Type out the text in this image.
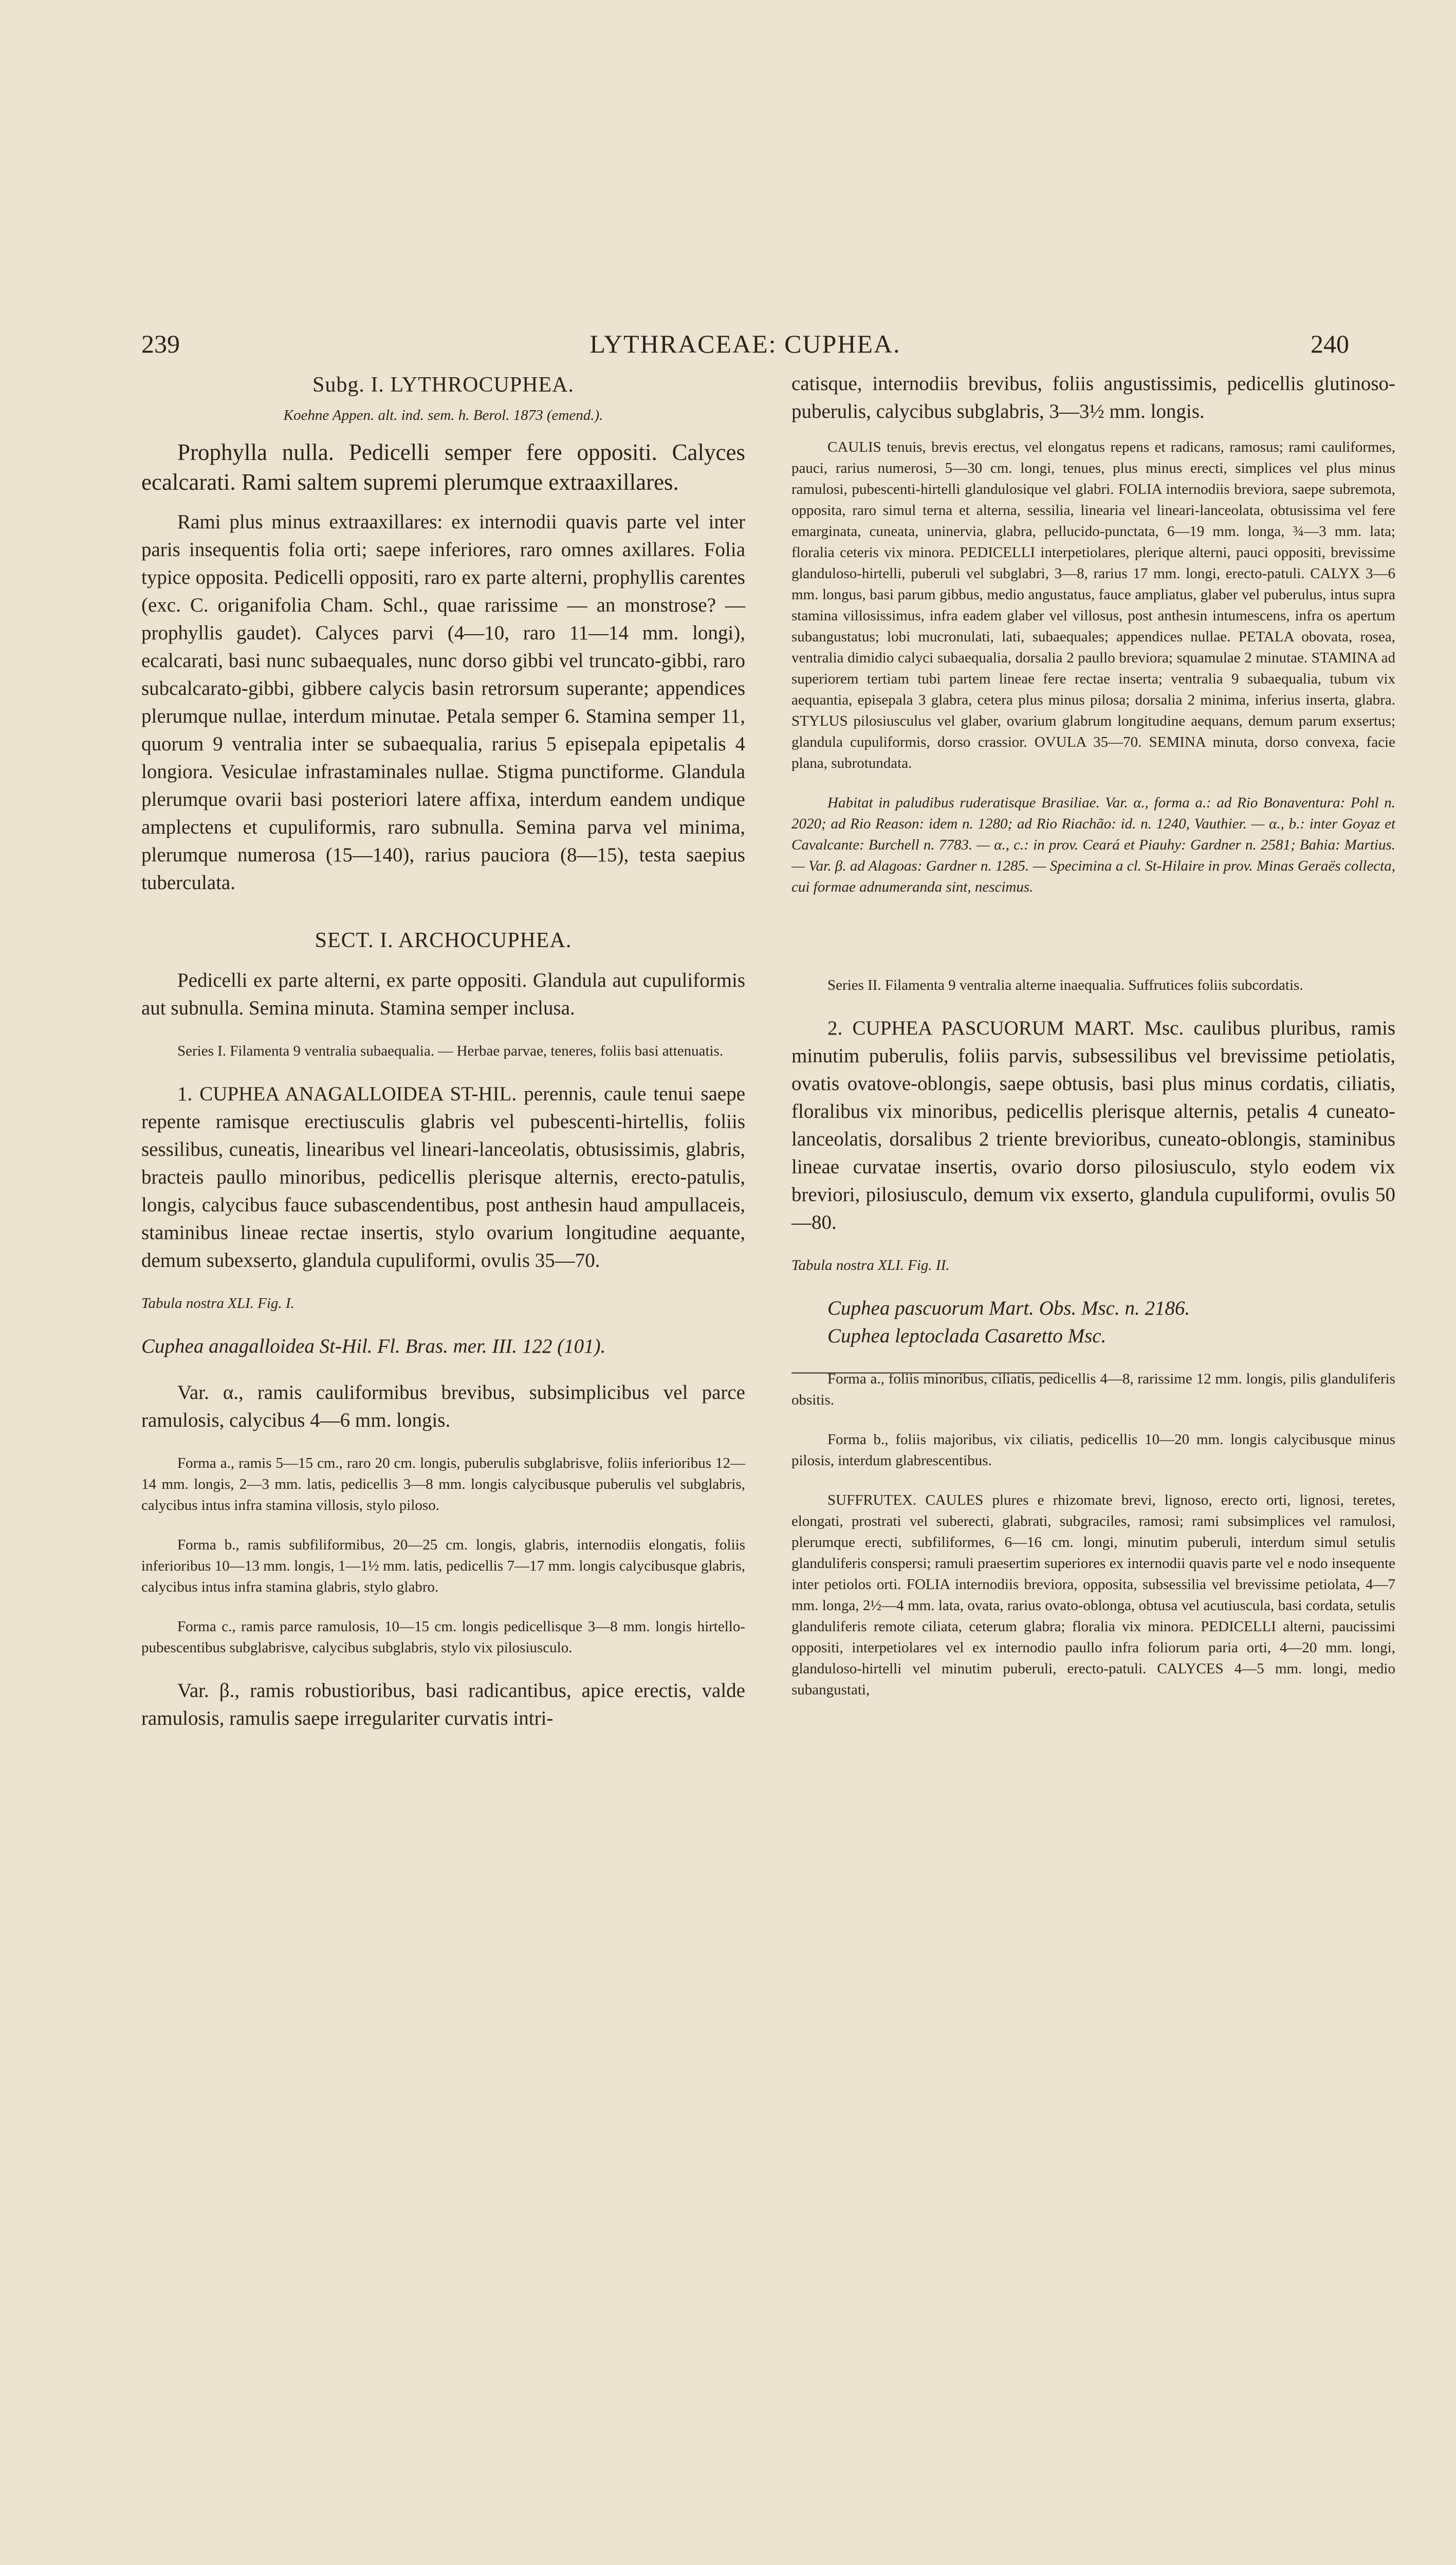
239	LYTHRACEAE: CUPHEA.	240

Subg. I. LYTHROCUPHEA.

Koehne Appen. alt. ind. sem. h. Berol. 1873 (emend.).

Prophylla nulla. Pedicelli semper fere oppositi. Calyces ecalcarati. Rami saltem supremi plerumque extraaxillares.

Rami plus minus extraaxillares: ex internodii quavis parte vel inter paris insequentis folia orti; saepe inferiores, raro omnes axillares. Folia typice opposita. Pedicelli oppositi, raro ex parte alterni, prophyllis carentes (exc. C. origanifolia Cham. Schl., quae rarissime — an monstrose? — prophyllis gaudet). Calyces parvi (4—10, raro 11—14 mm. longi), ecalcarati, basi nunc subaequales, nunc dorso gibbi vel truncato-gibbi, raro subcalcarato-gibbi, gibbere calycis basin retrorsum superante; appendices plerumque nullae, interdum minutae. Petala semper 6. Stamina semper 11, quorum 9 ventralia inter se subaequalia, rarius 5 episepala epipetalis 4 longiora. Vesiculae infrastaminales nullae. Stigma punctiforme. Glandula plerumque ovarii basi posteriori latere affixa, interdum eandem undique amplectens et cupuliformis, raro subnulla. Semina parva vel minima, plerumque numerosa (15—140), rarius pauciora (8—15), testa saepius tuberculata.

SECT. I. ARCHOCUPHEA.

Pedicelli ex parte alterni, ex parte oppositi. Glandula aut cupuliformis aut subnulla. Semina minuta. Stamina semper inclusa.

Series I. Filamenta 9 ventralia subaequalia. — Herbae parvae, teneres, foliis basi attenuatis.

1. CUPHEA ANAGALLOIDEA ST-HIL. perennis, caule tenui saepe repente ramisque erectiusculis glabris vel pubescenti-hirtellis, foliis sessilibus, cuneatis, linearibus vel lineari-lanceolatis, obtusissimis, glabris, bracteis paullo minoribus, pedicellis plerisque alternis, erecto-patulis, longis, calycibus fauce subascendentibus, post anthesin haud ampullaceis, staminibus lineae rectae insertis, stylo ovarium longitudine aequante, demum subexserto, glandula cupuliformi, ovulis 35—70.

Tabula nostra XLI. Fig. I.

Cuphea anagalloidea St-Hil. Fl. Bras. mer. III. 122 (101).

Var. α., ramis cauliformibus brevibus, subsimplicibus vel parce ramulosis, calycibus 4—6 mm. longis.

Forma a., ramis 5—15 cm., raro 20 cm. longis, puberulis subglabrisve, foliis inferioribus 12—14 mm. longis, 2—3 mm. latis, pedicellis 3—8 mm. longis calycibusque puberulis vel subglabris, calycibus intus infra stamina villosis, stylo piloso.

Forma b., ramis subfiliformibus, 20—25 cm. longis, glabris, internodiis elongatis, foliis inferioribus 10—13 mm. longis, 1—1½ mm. latis, pedicellis 7—17 mm. longis calycibusque glabris, calycibus intus infra stamina glabris, stylo glabro.

Forma c., ramis parce ramulosis, 10—15 cm. longis pedicellisque 3—8 mm. longis hirtello-pubescentibus subglabrisve, calycibus subglabris, stylo vix pilosiusculo.

Var. β., ramis robustioribus, basi radicantibus, apice erectis, valde ramulosis, ramulis saepe irregulariter curvatis intri-

catisque, internodiis brevibus, foliis angustissimis, pedicellis glutinoso-puberulis, calycibus subglabris, 3—3½ mm. longis.

CAULIS tenuis, brevis erectus, vel elongatus repens et radicans, ramosus; rami cauliformes, pauci, rarius numerosi, 5—30 cm. longi, tenues, plus minus erecti, simplices vel plus minus ramulosi, pubescenti-hirtelli glandulosique vel glabri. FOLIA internodiis breviora, saepe subremota, opposita, raro simul terna et alterna, sessilia, linearia vel lineari-lanceolata, obtusissima vel fere emarginata, cuneata, uninervia, glabra, pellucido-punctata, 6—19 mm. longa, ¾—3 mm. lata; floralia ceteris vix minora. PEDICELLI interpetiolares, plerique alterni, pauci oppositi, brevissime glanduloso-hirtelli, puberuli vel subglabri, 3—8, rarius 17 mm. longi, erecto-patuli. CALYX 3—6 mm. longus, basi parum gibbus, medio angustatus, fauce ampliatus, glaber vel puberulus, intus supra stamina villosissimus, infra eadem glaber vel villosus, post anthesin intumescens, infra os apertum subangustatus; lobi mucronulati, lati, subaequales; appendices nullae. PETALA obovata, rosea, ventralia dimidio calyci subaequalia, dorsalia 2 paullo breviora; squamulae 2 minutae. STAMINA ad superiorem tertiam tubi partem lineae fere rectae inserta; ventralia 9 subaequalia, tubum vix aequantia, episepala 3 glabra, cetera plus minus pilosa; dorsalia 2 minima, inferius inserta, glabra. STYLUS pilosiusculus vel glaber, ovarium glabrum longitudine aequans, demum parum exsertus; glandula cupuliformis, dorso crassior. OVULA 35—70. SEMINA minuta, dorso convexa, facie plana, subrotundata.

Habitat in paludibus ruderatisque Brasiliae. Var. α., forma a.: ad Rio Bonaventura: Pohl n. 2020; ad Rio Reason: idem n. 1280; ad Rio Riachão: id. n. 1240, Vauthier. — α., b.: inter Goyaz et Cavalcante: Burchell n. 7783. — α., c.: in prov. Ceará et Piauhy: Gardner n. 2581; Bahia: Martius. — Var. β. ad Alagoas: Gardner n. 1285. — Specimina a cl. St-Hilaire in prov. Minas Geraës collecta, cui formae adnumeranda sint, nescimus.

Series II. Filamenta 9 ventralia alterne inaequalia. Suffrutices foliis subcordatis.

2. CUPHEA PASCUORUM MART. Msc. caulibus pluribus, ramis minutim puberulis, foliis parvis, subsessilibus vel brevissime petiolatis, ovatis ovatove-oblongis, saepe obtusis, basi plus minus cordatis, ciliatis, floralibus vix minoribus, pedicellis plerisque alternis, petalis 4 cuneato-lanceolatis, dorsalibus 2 triente brevioribus, cuneato-oblongis, staminibus lineae curvatae insertis, ovario dorso pilosiusculo, stylo eodem vix breviori, pilosiusculo, demum vix exserto, glandula cupuliformi, ovulis 50—80.

Tabula nostra XLI. Fig. II.

Cuphea pascuorum Mart. Obs. Msc. n. 2186.

Cuphea leptoclada Casaretto Msc.

Forma a., foliis minoribus, ciliatis, pedicellis 4—8, rarissime 12 mm. longis, pilis glanduliferis obsitis.

Forma b., foliis majoribus, vix ciliatis, pedicellis 10—20 mm. longis calycibusque minus pilosis, interdum glabrescentibus.

SUFFRUTEX. CAULES plures e rhizomate brevi, lignoso, erecto orti, lignosi, teretes, elongati, prostrati vel suberecti, glabrati, subgraciles, ramosi; rami subsimplices vel ramulosi, plerumque erecti, subfiliformes, 6—16 cm. longi, minutim puberuli, interdum simul setulis glanduliferis conspersi; ramuli praesertim superiores ex internodii quavis parte vel e nodo insequente inter petiolos orti. FOLIA internodiis breviora, opposita, subsessilia vel brevissime petiolata, 4—7 mm. longa, 2½—4 mm. lata, ovata, rarius ovato-oblonga, obtusa vel acutiuscula, basi cordata, setulis glanduliferis remote ciliata, ceterum glabra; floralia vix minora. PEDICELLI alterni, paucissimi oppositi, interpetiolares vel ex internodio paullo infra foliorum paria orti, 4—20 mm. longi, glanduloso-hirtelli vel minutim puberuli, erecto-patuli. CALYCES 4—5 mm. longi, medio subangustati,
